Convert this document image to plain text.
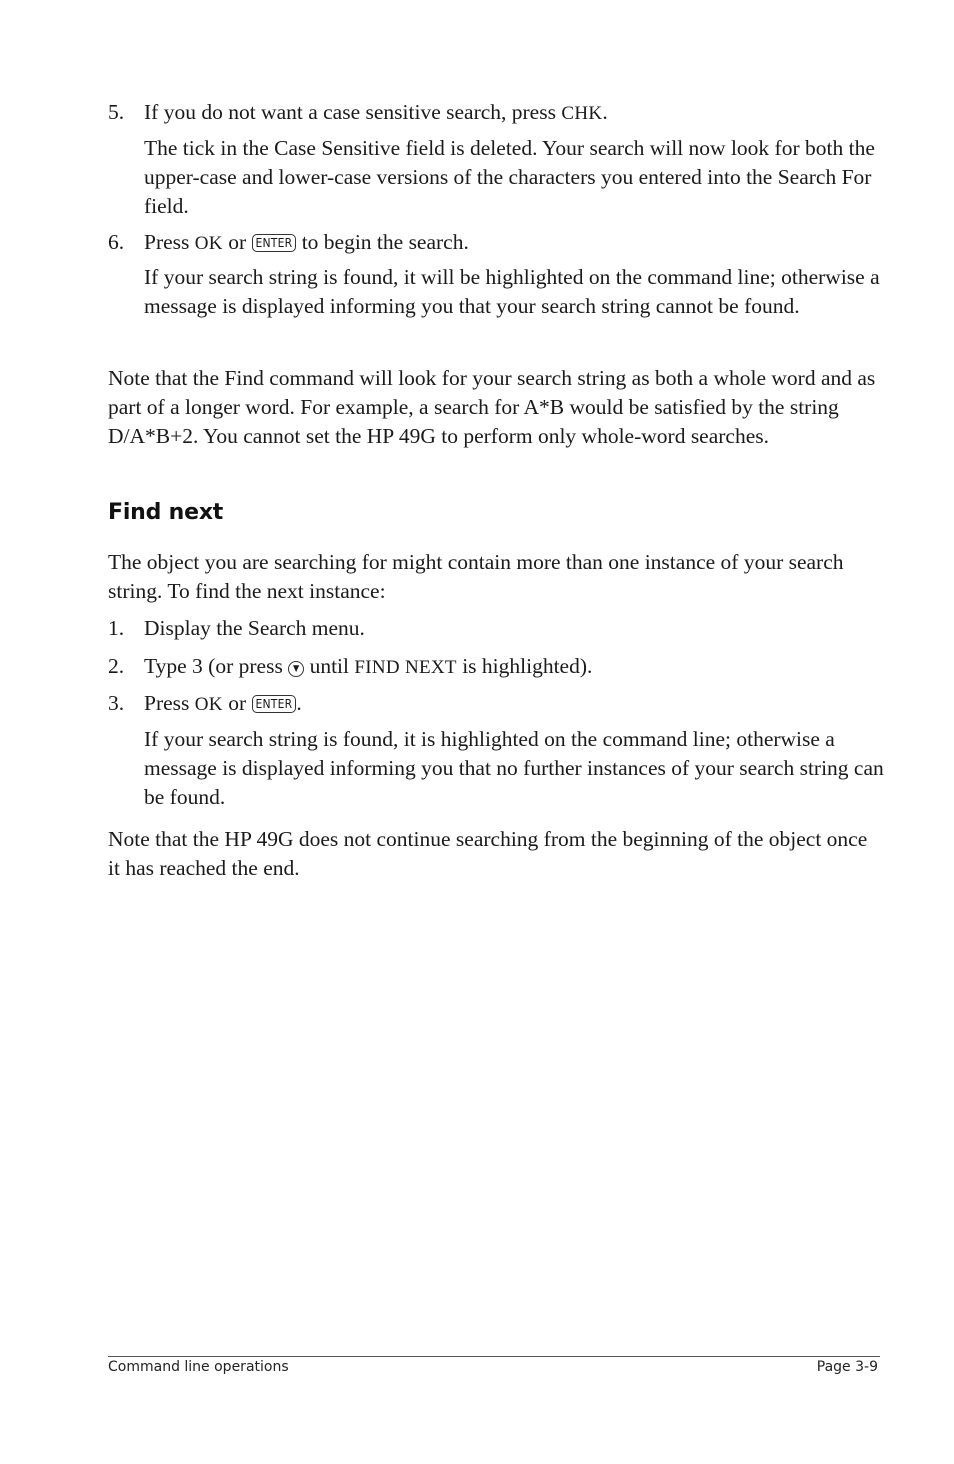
5. If you do not want a case sensitive search, press CHK.
The tick in the Case Sensitive field is deleted. Your search will now look for both the upper-case and lower-case versions of the characters you entered into the Search For field.
6. Press OK or ENTER to begin the search.
If your search string is found, it will be highlighted on the command line; otherwise a message is displayed informing you that your search string cannot be found.
Note that the Find command will look for your search string as both a whole word and as part of a longer word. For example, a search for A*B would be satisfied by the string D/A*B+2. You cannot set the HP 49G to perform only whole-word searches.
Find next
The object you are searching for might contain more than one instance of your search string. To find the next instance:
1. Display the Search menu.
2. Type 3 (or press ▼ until FIND NEXT is highlighted).
3. Press OK or ENTER .
If your search string is found, it is highlighted on the command line; otherwise a message is displayed informing you that no further instances of your search string can be found.
Note that the HP 49G does not continue searching from the beginning of the object once it has reached the end.
Command line operations	Page 3-9
